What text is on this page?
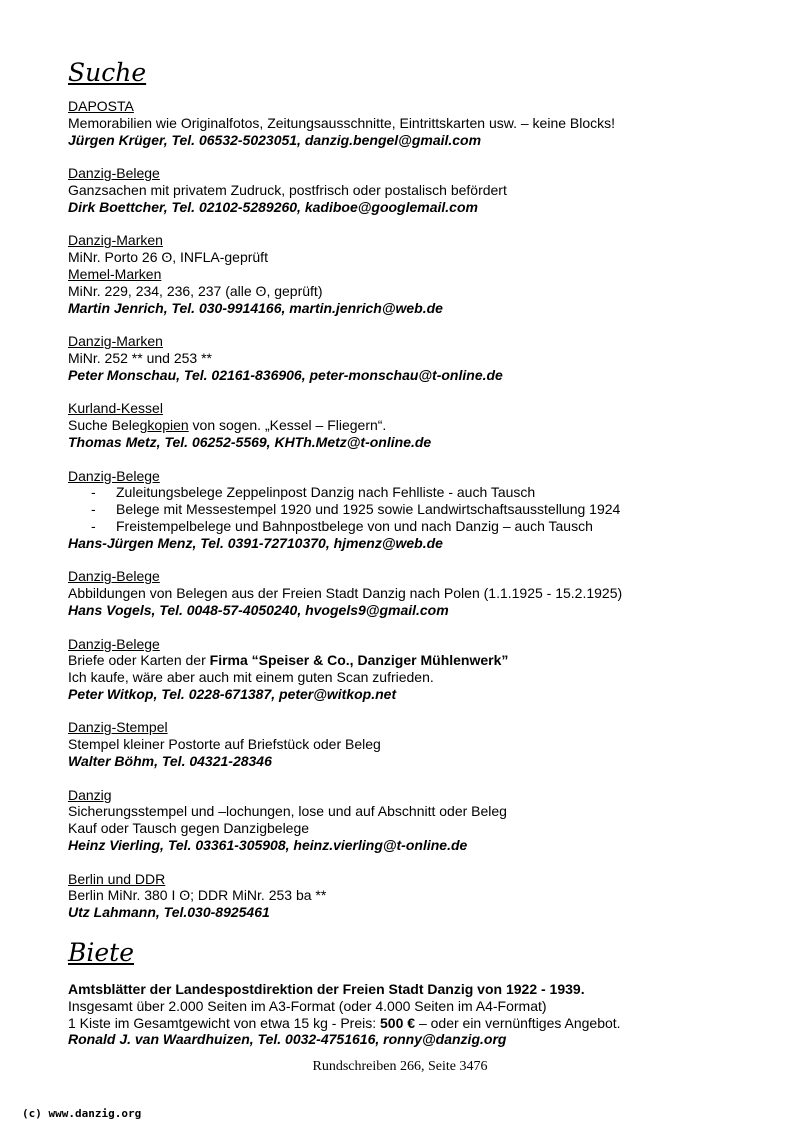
Suche

DAPOSTA

Memorabilien wie Originalfotos, Zeitungsausschnitte, Eintrittskarten usw. – keine Blocks!

Jürgen Krüger, Tel. 06532-5023051, danzig.bengel@gmail.com

Danzig-Belege

Ganzsachen mit privatem Zudruck, postfrisch oder postalisch befördert

Dirk Boettcher, Tel. 02102-5289260, kadiboe@googlemail.com

Danzig-Marken

MiNr. Porto 26 ʘ, INFLA-geprüft

Memel-Marken

MiNr. 229, 234, 236, 237 (alle ʘ, geprüft)

Martin Jenrich, Tel. 030-9914166, martin.jenrich@web.de

Danzig-Marken

MiNr. 252 ** und 253 **

Peter Monschau, Tel. 02161-836906, peter-monschau@t-online.de

Kurland-Kessel

Suche Belegkopien von sogen. „Kessel – Fliegern“.

Thomas Metz, Tel. 06252-5569, KHTh.Metz@t-online.de

Danzig-Belege

- Zuleitungsbelege Zeppelinpost Danzig nach Fehlliste - auch Tausch
- Belege mit Messestempel 1920 und 1925 sowie Landwirtschaftsausstellung 1924
- Freistempelbelege und Bahnpostbelege von und nach Danzig – auch Tausch

Hans-Jürgen Menz, Tel. 0391-72710370, hjmenz@web.de

Danzig-Belege

Abbildungen von Belegen aus der Freien Stadt Danzig nach Polen (1.1.1925 - 15.2.1925)

Hans Vogels, Tel. 0048-57-4050240, hvogels9@gmail.com

Danzig-Belege

Briefe oder Karten der Firma “Speiser & Co., Danziger Mühlenwerk”

Ich kaufe, wäre aber auch mit einem guten Scan zufrieden.

Peter Witkop, Tel. 0228-671387, peter@witkop.net

Danzig-Stempel

Stempel kleiner Postorte auf Briefstück oder Beleg

Walter Böhm, Tel. 04321-28346

Danzig

Sicherungsstempel und –lochungen, lose und auf Abschnitt oder Beleg

Kauf oder Tausch gegen Danzigbelege

Heinz Vierling, Tel. 03361-305908, heinz.vierling@t-online.de

Berlin und DDR

Berlin MiNr. 380 I ʘ; DDR MiNr. 253 ba **

Utz Lahmann, Tel.030-8925461

Biete

Amtsblätter der Landespostdirektion der Freien Stadt Danzig von 1922 - 1939.

Insgesamt über 2.000 Seiten im A3-Format (oder 4.000 Seiten im A4-Format)

1 Kiste im Gesamtgewicht von etwa 15 kg - Preis: 500 € – oder ein vernünftiges Angebot.

Ronald J. van Waardhuizen, Tel. 0032-4751616, ronny@danzig.org

Rundschreiben 266, Seite 3476
(c) www.danzig.org
